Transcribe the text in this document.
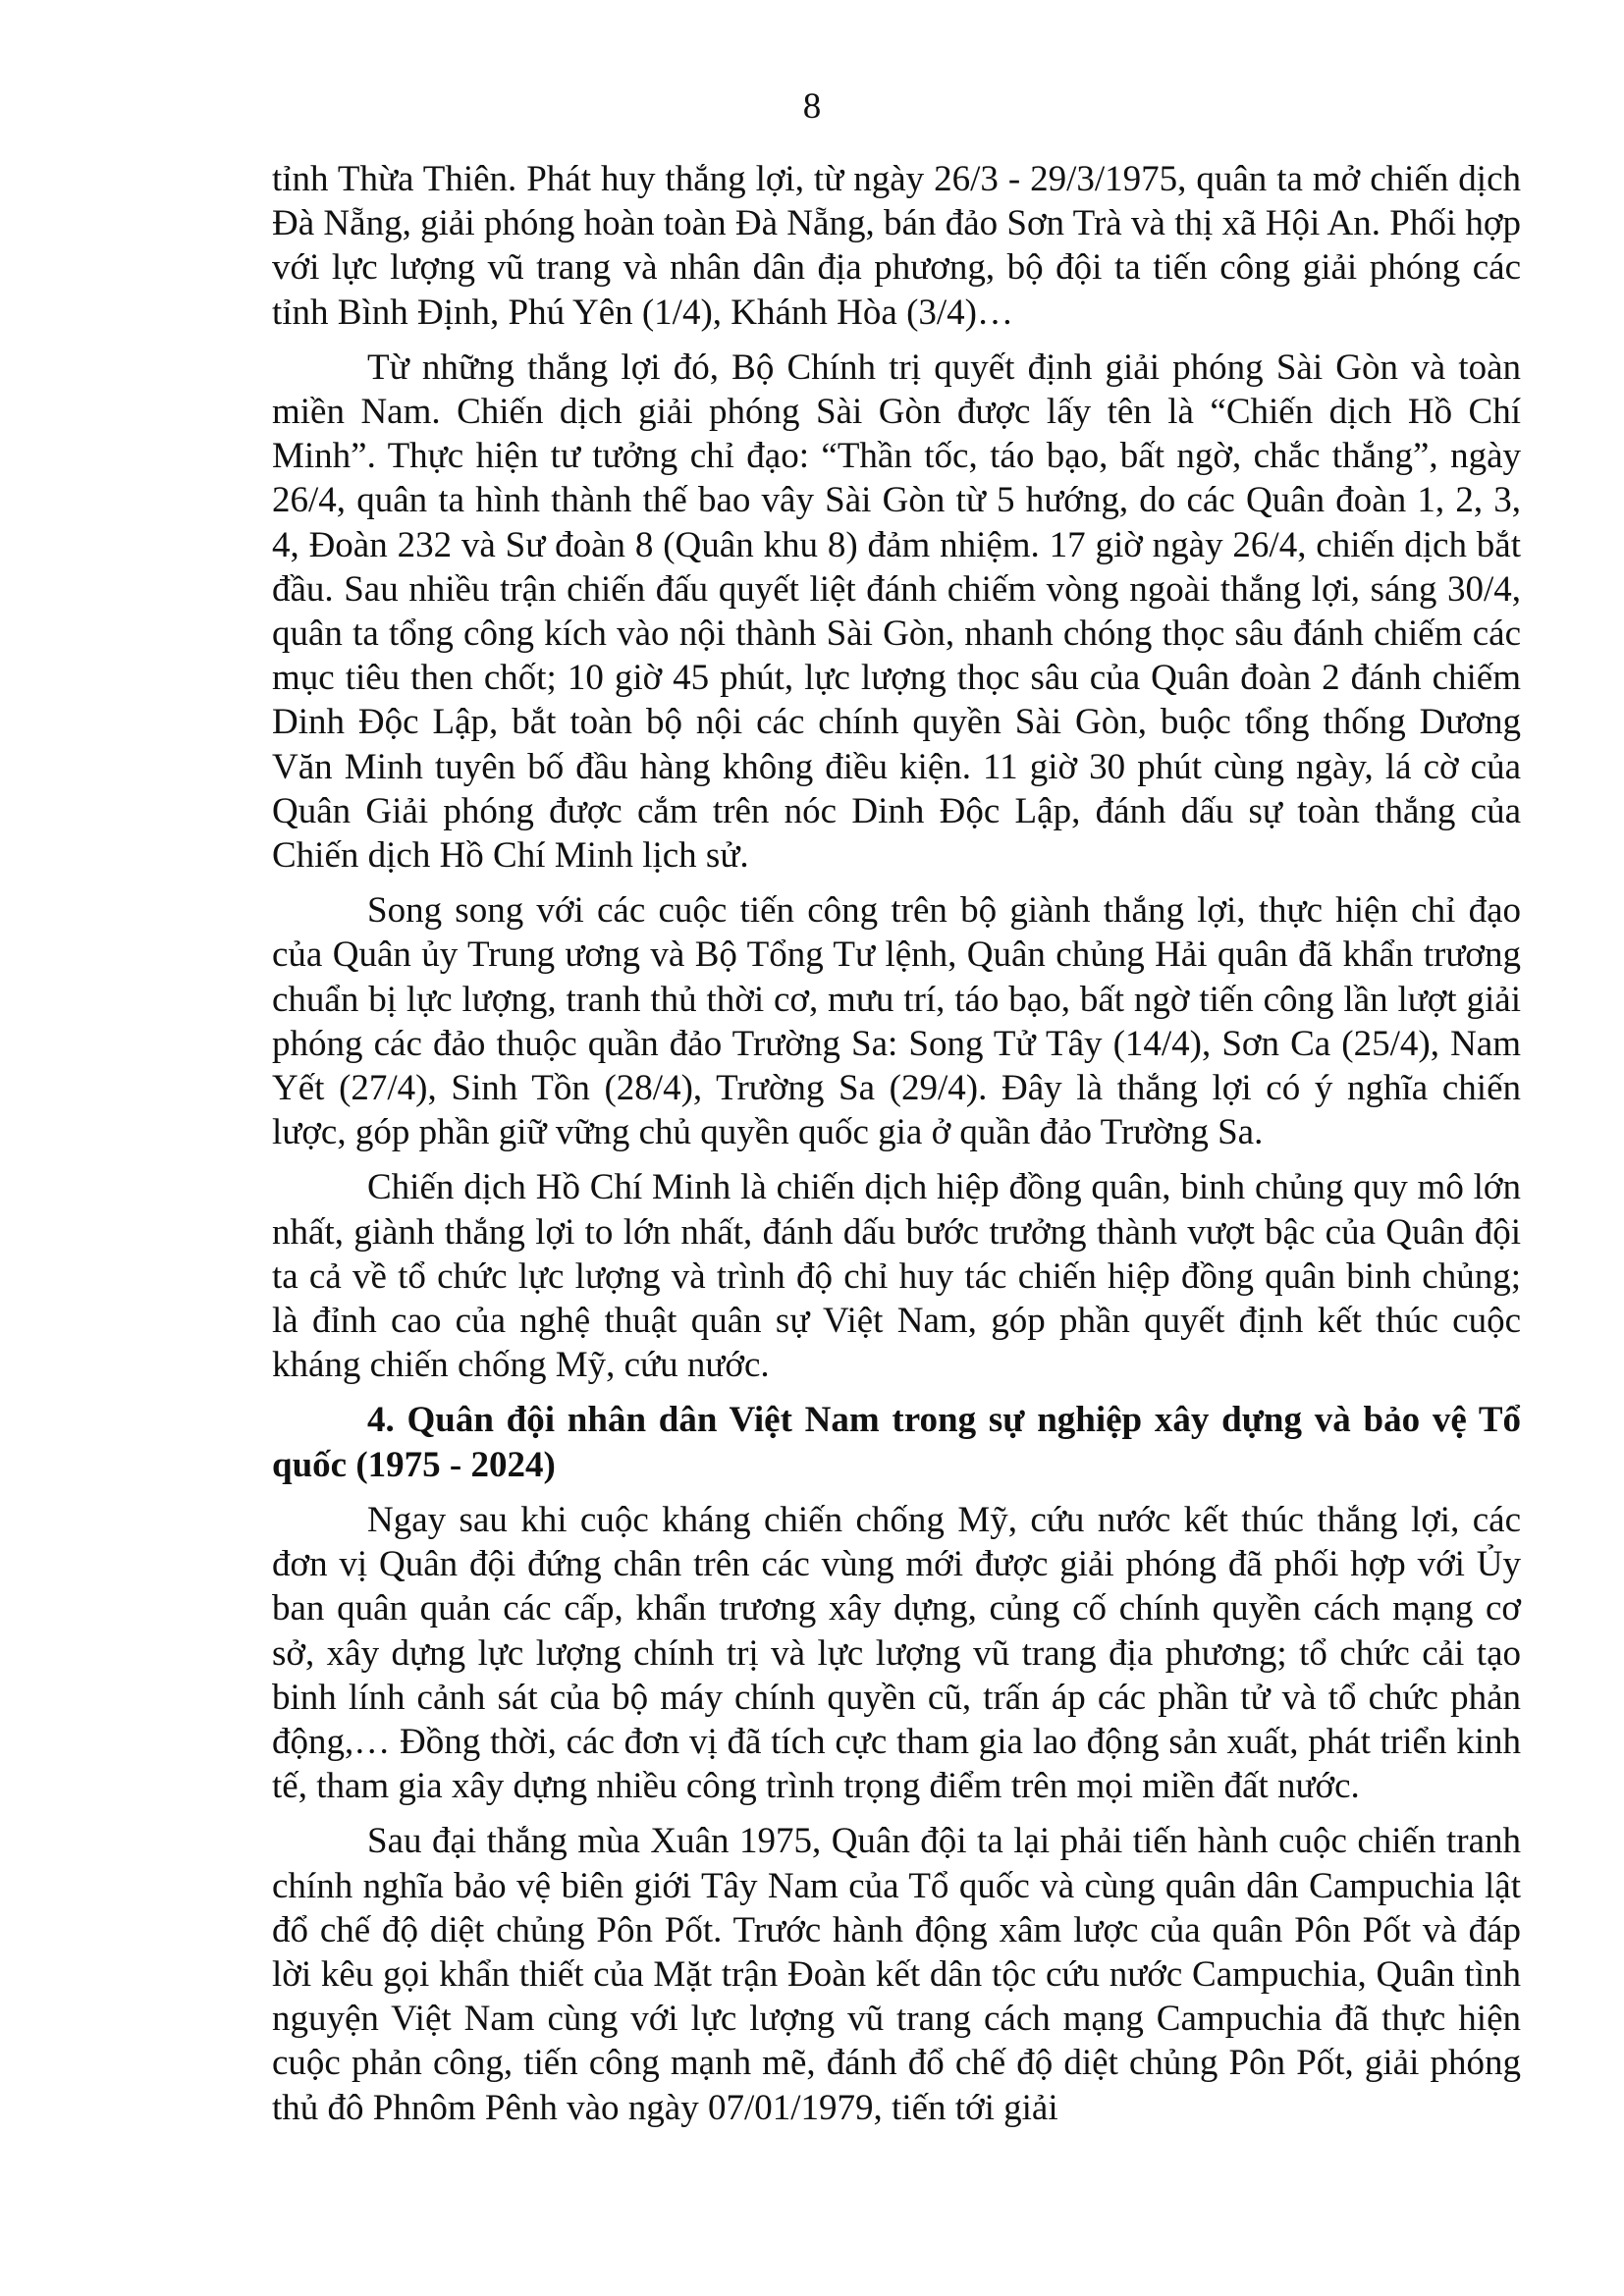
8

tỉnh Thừa Thiên. Phát huy thắng lợi, từ ngày 26/3 - 29/3/1975, quân ta mở chiến dịch Đà Nẵng, giải phóng hoàn toàn Đà Nẵng, bán đảo Sơn Trà và thị xã Hội An. Phối hợp với lực lượng vũ trang và nhân dân địa phương, bộ đội ta tiến công giải phóng các tỉnh Bình Định, Phú Yên (1/4), Khánh Hòa (3/4)…

Từ những thắng lợi đó, Bộ Chính trị quyết định giải phóng Sài Gòn và toàn miền Nam. Chiến dịch giải phóng Sài Gòn được lấy tên là “Chiến dịch Hồ Chí Minh”. Thực hiện tư tưởng chỉ đạo: “Thần tốc, táo bạo, bất ngờ, chắc thắng”, ngày 26/4, quân ta hình thành thế bao vây Sài Gòn từ 5 hướng, do các Quân đoàn 1, 2, 3, 4, Đoàn 232 và Sư đoàn 8 (Quân khu 8) đảm nhiệm. 17 giờ ngày 26/4, chiến dịch bắt đầu. Sau nhiều trận chiến đấu quyết liệt đánh chiếm vòng ngoài thắng lợi, sáng 30/4, quân ta tổng công kích vào nội thành Sài Gòn, nhanh chóng thọc sâu đánh chiếm các mục tiêu then chốt; 10 giờ 45 phút, lực lượng thọc sâu của Quân đoàn 2 đánh chiếm Dinh Độc Lập, bắt toàn bộ nội các chính quyền Sài Gòn, buộc tổng thống Dương Văn Minh tuyên bố đầu hàng không điều kiện. 11 giờ 30 phút cùng ngày, lá cờ của Quân Giải phóng được cắm trên nóc Dinh Độc Lập, đánh dấu sự toàn thắng của Chiến dịch Hồ Chí Minh lịch sử.

Song song với các cuộc tiến công trên bộ giành thắng lợi, thực hiện chỉ đạo của Quân ủy Trung ương và Bộ Tổng Tư lệnh, Quân chủng Hải quân đã khẩn trương chuẩn bị lực lượng, tranh thủ thời cơ, mưu trí, táo bạo, bất ngờ tiến công lần lượt giải phóng các đảo thuộc quần đảo Trường Sa: Song Tử Tây (14/4), Sơn Ca (25/4), Nam Yết (27/4), Sinh Tồn (28/4), Trường Sa (29/4). Đây là thắng lợi có ý nghĩa chiến lược, góp phần giữ vững chủ quyền quốc gia ở quần đảo Trường Sa.

Chiến dịch Hồ Chí Minh là chiến dịch hiệp đồng quân, binh chủng quy mô lớn nhất, giành thắng lợi to lớn nhất, đánh dấu bước trưởng thành vượt bậc của Quân đội ta cả về tổ chức lực lượng và trình độ chỉ huy tác chiến hiệp đồng quân binh chủng; là đỉnh cao của nghệ thuật quân sự Việt Nam, góp phần quyết định kết thúc cuộc kháng chiến chống Mỹ, cứu nước.

4. Quân đội nhân dân Việt Nam trong sự nghiệp xây dựng và bảo vệ Tổ quốc (1975 - 2024)

Ngay sau khi cuộc kháng chiến chống Mỹ, cứu nước kết thúc thắng lợi, các đơn vị Quân đội đứng chân trên các vùng mới được giải phóng đã phối hợp với Ủy ban quân quản các cấp, khẩn trương xây dựng, củng cố chính quyền cách mạng cơ sở, xây dựng lực lượng chính trị và lực lượng vũ trang địa phương; tổ chức cải tạo binh lính cảnh sát của bộ máy chính quyền cũ, trấn áp các phần tử và tổ chức phản động,… Đồng thời, các đơn vị đã tích cực tham gia lao động sản xuất, phát triển kinh tế, tham gia xây dựng nhiều công trình trọng điểm trên mọi miền đất nước.

Sau đại thắng mùa Xuân 1975, Quân đội ta lại phải tiến hành cuộc chiến tranh chính nghĩa bảo vệ biên giới Tây Nam của Tổ quốc và cùng quân dân Campuchia lật đổ chế độ diệt chủng Pôn Pốt. Trước hành động xâm lược của quân Pôn Pốt và đáp lời kêu gọi khẩn thiết của Mặt trận Đoàn kết dân tộc cứu nước Campuchia, Quân tình nguyện Việt Nam cùng với lực lượng vũ trang cách mạng Campuchia đã thực hiện cuộc phản công, tiến công mạnh mẽ, đánh đổ chế độ diệt chủng Pôn Pốt, giải phóng thủ đô Phnôm Pênh vào ngày 07/01/1979, tiến tới giải
